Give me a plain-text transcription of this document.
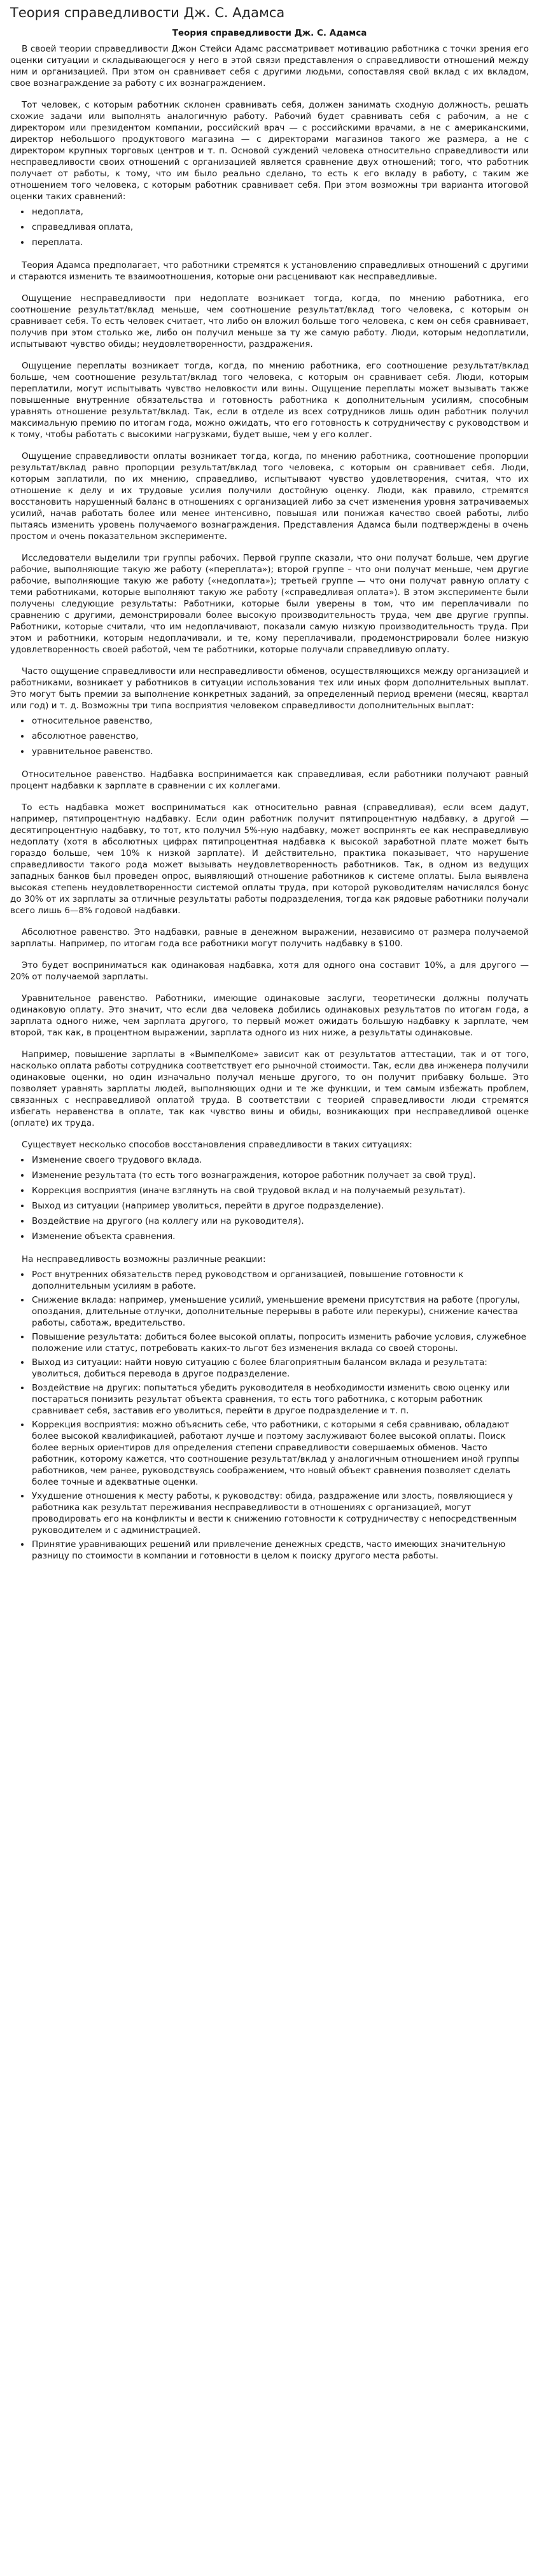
Теория справедливости Дж. С. Адамса
Теория справедливости Дж. С. Адамса

В своей теории справедливости Джон Стейси Адамс рассматривает мотивацию работника с точки зрения его оценки ситуации и складывающегося у него в этой связи представления о справедливости отношений между ним и организацией. При этом он сравнивает себя с другими людьми, сопоставляя свой вклад с их вкладом, свое вознаграждение за работу с их вознаграждением.

Тот человек, с которым работник склонен сравнивать себя, должен занимать сходную должность, решать схожие задачи или выполнять аналогичную работу. Рабочий будет сравнивать себя с рабочим, а не с директором или президентом компании, российский врач — с российскими врачами, а не с американскими, директор небольшого продуктового магазина — с директорами магазинов такого же размера, а не с директором крупных торговых центров и т. п. Основой суждений человека относительно справедливости или несправедливости своих отношений с организацией является сравнение двух отношений; того, что работник получает от работы, к тому, что им было реально сделано, то есть к его вкладу в работу, с таким же отношением того человека, с которым работник сравнивает себя. При этом возможны три варианта итоговой оценки таких сравнений:

• недоплата,
• справедливая оплата,
• переплата.

Теория Адамса предполагает, что работники стремятся к установлению справедливых отношений с другими и стараются изменить те взаимоотношения, которые они расценивают как несправедливые.

Ощущение несправедливости при недоплате возникает тогда, когда, по мнению работника, его соотношение результат/вклад меньше, чем соотношение результат/вклад того человека, с которым он сравнивает себя. То есть человек считает, что либо он вложил больше того человека, с кем он себя сравнивает, получив при этом столько же, либо он получил меньше за ту же самую работу. Люди, которым недоплатили, испытывают чувство обиды; неудовлетворенности, раздражения.

Ощущение переплаты возникает тогда, когда, по мнению работника, его соотношение результат/вклад больше, чем соотношение результат/вклад того человека, с которым он сравнивает себя. Люди, которым переплатили, могут испытывать чувство неловкости или вины. Ощущение переплаты может вызывать также повышенные внутренние обязательства и готовность работника к дополнительным усилиям, способным уравнять отношение результат/вклад. Так, если в отделе из всех сотрудников лишь один работник получил максимальную премию по итогам года, можно ожидать, что его готовность к сотрудничеству с руководством и к тому, чтобы работать с высокими нагрузками, будет выше, чем у его коллег.

Ощущение справедливости оплаты возникает тогда, когда, по мнению работника, соотношение пропорции результат/вклад равно пропорции результат/вклад того человека, с которым он сравнивает себя. Люди, которым заплатили, по их мнению, справедливо, испытывают чувство удовлетворения, считая, что их отношение к делу и их трудовые усилия получили достойную оценку. Люди, как правило, стремятся восстановить нарушенный баланс в отношениях с организацией либо за счет изменения уровня затрачиваемых усилий, начав работать более или менее интенсивно, повышая или понижая качество своей работы, либо пытаясь изменить уровень получаемого вознаграждения. Представления Адамса были подтверждены в очень простом и очень показательном эксперименте.

Исследователи выделили три группы рабочих. Первой группе сказали, что они получат больше, чем другие рабочие, выполняющие такую же работу («переплата»); второй группе – что они получат меньше, чем другие рабочие, выполняющие такую же работу («недоплата»); третьей группе — что они получат равную оплату с теми работниками, которые выполняют такую же работу («справедливая оплата»). В этом эксперименте были получены следующие результаты: Работники, которые были уверены в том, что им переплачивали по сравнению с другими, демонстрировали более высокую производительность труда, чем две другие группы. Работники, которые считали, что им недоплачивают, показали самую низкую производительность труда. При этом и работники, которым недоплачивали, и те, кому переплачивали, продемонстрировали более низкую удовлетворенность своей работой, чем те работники, которые получали справедливую оплату.

Часто ощущение справедливости или несправедливости обменов, осуществляющихся между организацией и работниками, возникает у работников в ситуации использования тех или иных форм дополнительных выплат. Это могут быть премии за выполнение конкретных заданий, за определенный период времени (месяц, квартал или год) и т. д. Возможны три типа восприятия человеком справедливости дополнительных выплат:

• относительное равенство,
• абсолютное равенство,
• уравнительное равенство.

Относительное равенство. Надбавка воспринимается как справедливая, если работники получают равный процент надбавки к зарплате в сравнении с их коллегами.

То есть надбавка может восприниматься как относительно равная (справедливая), если всем дадут, например, пятипроцентную надбавку. Если один работник получит пятипроцентную надбавку, а другой — десятипроцентную надбавку, то тот, кто получил 5%-ную надбавку, может воспринять ее как несправедливую недоплату (хотя в абсолютных цифрах пятипроцентная надбавка к высокой заработной плате может быть гораздо больше, чем 10% к низкой зарплате). И действительно, практика показывает, что нарушение справедливости такого рода может вызывать неудовлетворенность работников. Так, в одном из ведущих западных банков был проведен опрос, выявляющий отношение работников к системе оплаты. Была выявлена высокая степень неудовлетворенности системой оплаты труда, при которой руководителям начислялся бонус до 30% от их зарплаты за отличные результаты работы подразделения, тогда как рядовые работники получали всего лишь 6—8% годовой надбавки.

Абсолютное равенство. Это надбавки, равные в денежном выражении, независимо от размера получаемой зарплаты. Например, по итогам года все работники могут получить надбавку в $100.

Это будет восприниматься как одинаковая надбавка, хотя для одного она составит 10%, а для другого — 20% от получаемой зарплаты.

Уравнительное равенство. Работники, имеющие одинаковые заслуги, теоретически должны получать одинаковую оплату. Это значит, что если два человека добились одинаковых результатов по итогам года, а зарплата одного ниже, чем зарплата другого, то первый может ожидать большую надбавку к зарплате, чем второй, так как, в процентном выражении, зарплата одного из них ниже, а результаты одинаковые.

Например, повышение зарплаты в «ВымпелКоме» зависит как от результатов аттестации, так и от того, насколько оплата работы сотрудника соответствует его рыночной стоимости. Так, если два инженера получили одинаковые оценки, но один изначально получал меньше другого, то он получит прибавку больше. Это позволяет уравнять зарплаты людей, выполняющих одни и те же функции, и тем самым избежать проблем, связанных с несправедливой оплатой труда. В соответствии с теорией справедливости люди стремятся избегать неравенства в оплате, так как чувство вины и обиды, возникающих при несправедливой оценке (оплате) их труда.

Существует несколько способов восстановления справедливости в таких ситуациях:

• Изменение своего трудового вклада.
• Изменение результата (то есть того вознаграждения, которое работник получает за свой труд).
• Коррекция восприятия (иначе взглянуть на свой трудовой вклад и на получаемый результат).
• Выход из ситуации (например уволиться, перейти в другое подразделение).
• Воздействие на другого (на коллегу или на руководителя).
• Изменение объекта сравнения.

На несправедливость возможны различные реакции:

• Рост внутренних обязательств перед руководством и организацией, повышение готовности к дополнительным усилиям в работе.
• Снижение вклада: например, уменьшение усилий, уменьшение времени присутствия на работе (прогулы, опоздания, длительные отлучки, дополнительные перерывы в работе или перекуры), снижение качества работы, саботаж, вредительство.
• Повышение результата: добиться более высокой оплаты, попросить изменить рабочие условия, служебное положение или статус, потребовать каких-то льгот без изменения вклада со своей стороны.
• Выход из ситуации: найти новую ситуацию с более благоприятным балансом вклада и результата: уволиться, добиться перевода в другое подразделение.
• Воздействие на других: попытаться убедить руководителя в необходимости изменить свою оценку или постараться понизить результат объекта сравнения, то есть того работника, с которым работник сравнивает себя, заставив его уволиться, перейти в другое подразделение и т. п.
• Коррекция восприятия: можно объяснить себе, что работники, с которыми я себя сравниваю, обладают более высокой квалификацией, работают лучше и поэтому заслуживают более высокой оплаты. Поиск более верных ориентиров для определения степени справедливости совершаемых обменов. Часто работник, которому кажется, что соотношение результат/вклад у аналогичным отношением иной группы работников, чем ранее, руководствуясь соображением, что новый объект сравнения позволяет сделать более точные и адекватные оценки.
• Ухудшение отношения к месту работы, к руководству: обида, раздражение или злость, появляющиеся у работника как результат переживания несправедливости в отношениях с организацией, могут проводировать его на конфликты и вести к снижению готовности к сотрудничеству с непосредственным руководителем и с администрацией.
• Принятие уравнивающих решений или привлечение денежных средств, часто имеющих значительную разницу по стоимости в компании и готовности в целом к поиску другого места работы.
